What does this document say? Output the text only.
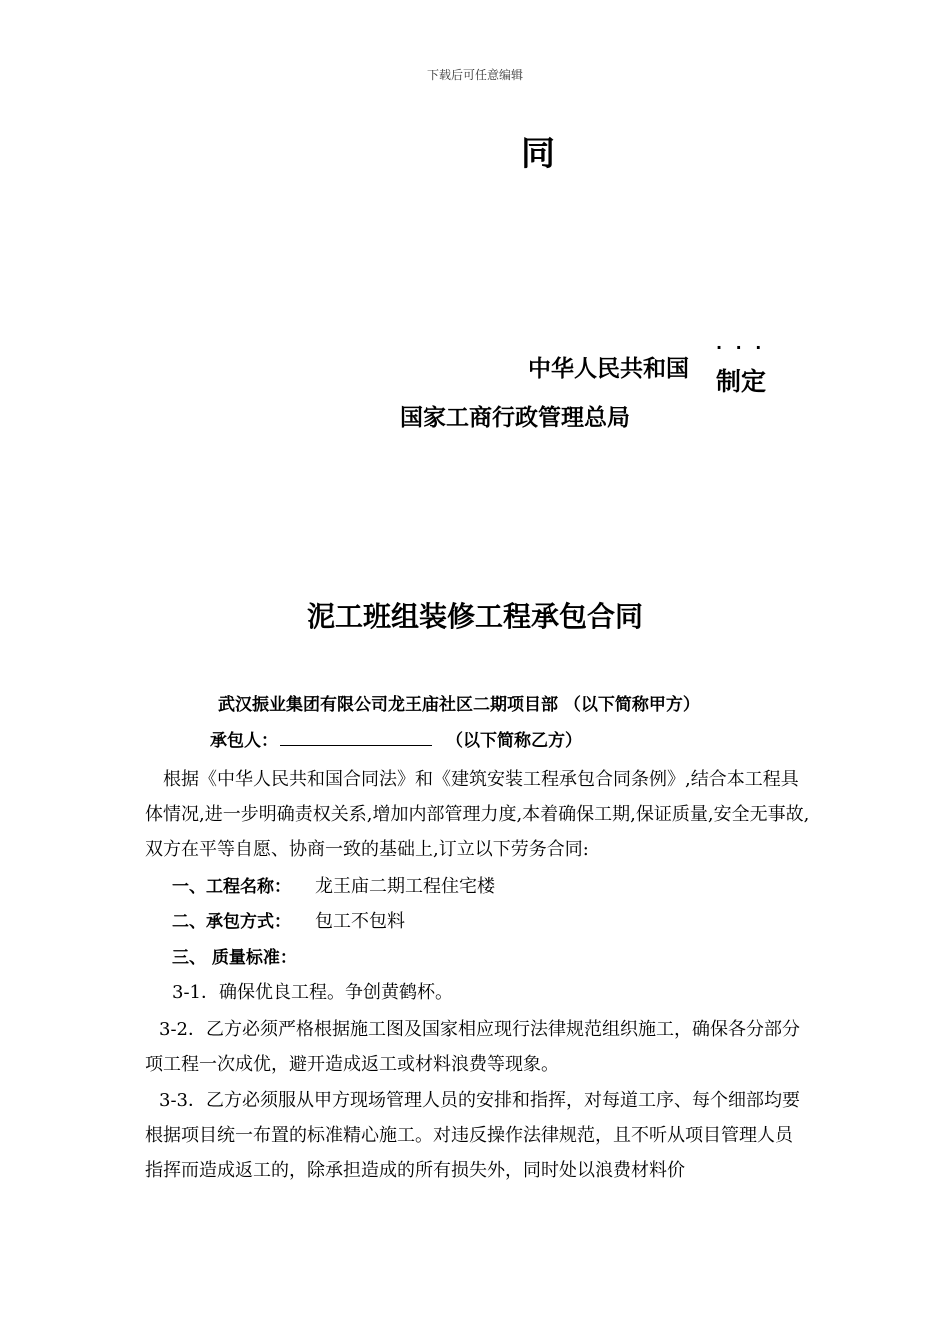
下载后可任意编辑
同
中华人民共和国
· · ·
制定
国家工商行政管理总局
泥工班组装修工程承包合同
武汉振业集团有限公司龙王庙社区二期项目部 （以下简称甲方）
承包人：	（以下简称乙方）
根据《中华人民共和国合同法》和《建筑安装工程承包合同条例》,结合本工程具体情况,进一步明确责权关系,增加内部管理力度,本着确保工期,保证质量,安全无事故,双方在平等自愿、协商一致的基础上,订立以下劳务合同:
一、工程名称： 龙王庙二期工程住宅楼
二、承包方式： 包工不包料
三、 质量标准：
3-1．确保优良工程。争创黄鹤杯。
3-2．乙方必须严格根据施工图及国家相应现行法律规范组织施工，确保各分部分项工程一次成优，避开造成返工或材料浪费等现象。
3-3．乙方必须服从甲方现场管理人员的安排和指挥，对每道工序、每个细部均要根据项目统一布置的标准精心施工。对违反操作法律规范，且不听从项目管理人员指挥而造成返工的，除承担造成的所有损失外，同时处以浪费材料价
